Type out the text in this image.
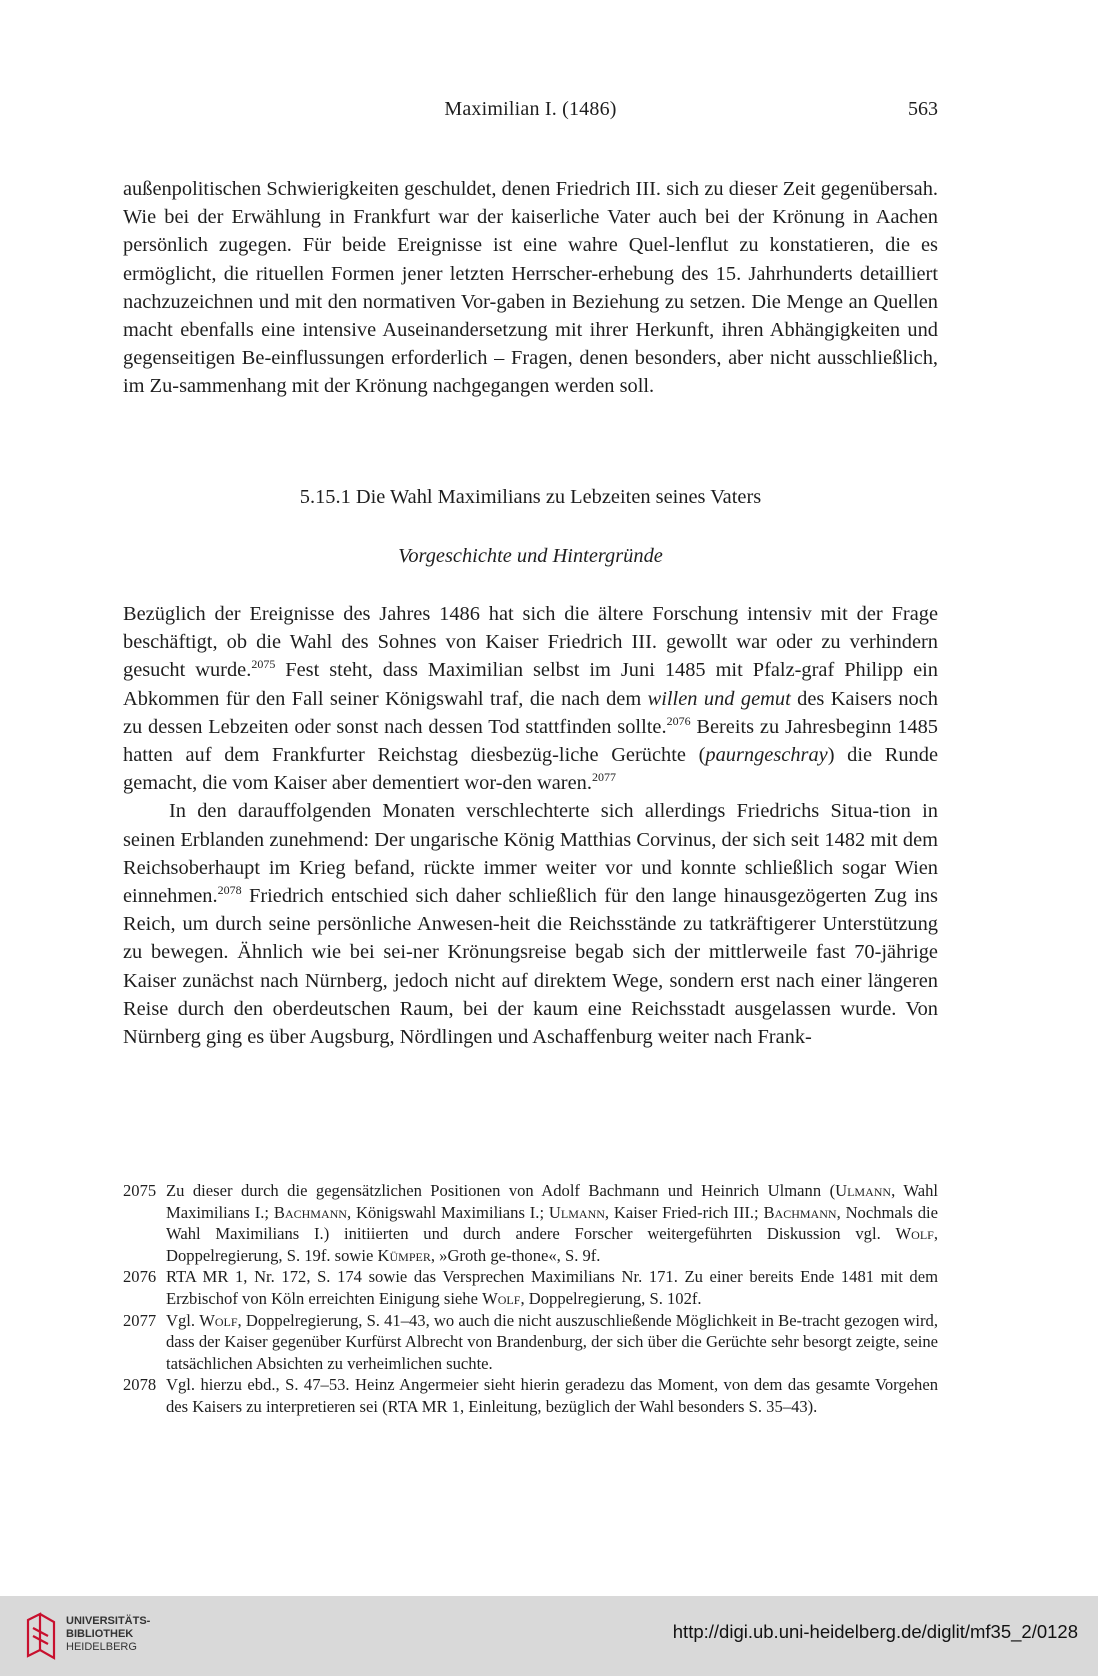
Maximilian I. (1486)	563

außenpolitischen Schwierigkeiten geschuldet, denen Friedrich III. sich zu dieser Zeit gegenübersah. Wie bei der Erwählung in Frankfurt war der kaiserliche Vater auch bei der Krönung in Aachen persönlich zugegen. Für beide Ereignisse ist eine wahre Quel-lenflut zu konstatieren, die es ermöglicht, die rituellen Formen jener letzten Herrscher-erhebung des 15. Jahrhunderts detailliert nachzuzeichnen und mit den normativen Vor-gaben in Beziehung zu setzen. Die Menge an Quellen macht ebenfalls eine intensive Auseinandersetzung mit ihrer Herkunft, ihren Abhängigkeiten und gegenseitigen Be-einflussungen erforderlich – Fragen, denen besonders, aber nicht ausschließlich, im Zu-sammenhang mit der Krönung nachgegangen werden soll.

5.15.1 Die Wahl Maximilians zu Lebzeiten seines Vaters
Vorgeschichte und Hintergründe

Bezüglich der Ereignisse des Jahres 1486 hat sich die ältere Forschung intensiv mit der Frage beschäftigt, ob die Wahl des Sohnes von Kaiser Friedrich III. gewollt war oder zu verhindern gesucht wurde.$^{2075}$ Fest steht, dass Maximilian selbst im Juni 1485 mit Pfalz-graf Philipp ein Abkommen für den Fall seiner Königswahl traf, die nach dem willen und gemut des Kaisers noch zu dessen Lebzeiten oder sonst nach dessen Tod stattfinden sollte.$^{2076}$ Bereits zu Jahresbeginn 1485 hatten auf dem Frankfurter Reichstag diesbezüg-liche Gerüchte (paurngeschray) die Runde gemacht, die vom Kaiser aber dementiert wor-den waren.$^{2077}$

In den darauffolgenden Monaten verschlechterte sich allerdings Friedrichs Situa-tion in seinen Erblanden zunehmend: Der ungarische König Matthias Corvinus, der sich seit 1482 mit dem Reichsoberhaupt im Krieg befand, rückte immer weiter vor und konnte schließlich sogar Wien einnehmen.$^{2078}$ Friedrich entschied sich daher schließlich für den lange hinausgezögerten Zug ins Reich, um durch seine persönliche Anwesen-heit die Reichsstände zu tatkräftigerer Unterstützung zu bewegen. Ähnlich wie bei sei-ner Krönungsreise begab sich der mittlerweile fast 70-jährige Kaiser zunächst nach Nürnberg, jedoch nicht auf direktem Wege, sondern erst nach einer längeren Reise durch den oberdeutschen Raum, bei der kaum eine Reichsstadt ausgelassen wurde. Von Nürnberg ging es über Augsburg, Nördlingen und Aschaffenburg weiter nach Frank-

2075 Zu dieser durch die gegensätzlichen Positionen von Adolf Bachmann und Heinrich Ulmann (Ulmann, Wahl Maximilians I.; Bachmann, Königswahl Maximilians I.; Ulmann, Kaiser Fried-rich III.; Bachmann, Nochmals die Wahl Maximilians I.) initiierten und durch andere Forscher weitergeführten Diskussion vgl. Wolf, Doppelregierung, S. 19f. sowie Kümper, »Groth ge-thone«, S. 9f.

2076 RTA MR 1, Nr. 172, S. 174 sowie das Versprechen Maximilians Nr. 171. Zu einer bereits Ende 1481 mit dem Erzbischof von Köln erreichten Einigung siehe Wolf, Doppelregierung, S. 102f.

2077 Vgl. Wolf, Doppelregierung, S. 41–43, wo auch die nicht auszuschließende Möglichkeit in Be-tracht gezogen wird, dass der Kaiser gegenüber Kurfürst Albrecht von Brandenburg, der sich über die Gerüchte sehr besorgt zeigte, seine tatsächlichen Absichten zu verheimlichen suchte.

2078 Vgl. hierzu ebd., S. 47–53. Heinz Angermeier sieht hierin geradezu das Moment, von dem das gesamte Vorgehen des Kaisers zu interpretieren sei (RTA MR 1, Einleitung, bezüglich der Wahl besonders S. 35–43).

UNIVERSITÄTS-
BIBLIOTHEK
HEIDELBERG
http://digi.ub.uni-heidelberg.de/diglit/mf35_2/0128
